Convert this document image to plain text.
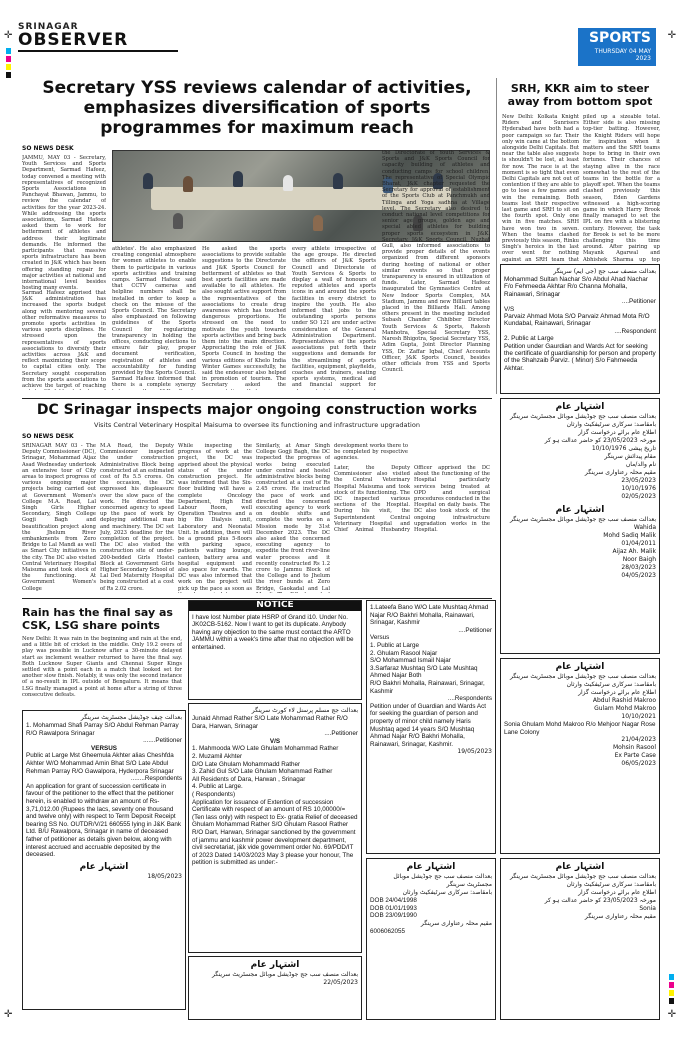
✛	✛
✛	✛
SRINAGAR
OBSERVER	SPORTS
THURSDAY 04 MAY 2023
Secretary YSS reviews calendar of activities, emphasizes diversification of sports programmes for maximum reach
SO NEWS DESK
JAMMU, MAY 03 - Secretary, Youth Services and Sports Department, Sarmad Hafeez, today convened a meeting with representatives of recognized Sports Associations in Panchayat Bhawan, Jammu, to review the calendar of activities for the year 2023-24. While addressing the sports associations, Sarmad Hafeez asked them to work for betterment of athletes and address their legitimate demands. He informed the participants that massive sports infrastructure has been created in J&K which has been offering standing repair for major activities at national and international level besides hosting many events.
Sarmad Hafeez apprised that J&K administration has increased the sports budget along with mentoring several other reformative measures to promote sports activities in various sports disciplines. He stressed upon the representatives of sports associations to diversify their activities across J&K and reflect maximizing their scope to capital cities only. The Secretary sought cooperation from the sports associations to achieve the target of reaching
athletes'. He also emphasized creating congenial atmosphere for women athletes to enable them to participate in various sports activities and training camps. Sarmad Hafeez said that CCTV cameras and helpline numbers shall be installed in order to keep a check on the misuse of the Sports Council. The Secretary also emphasized on following guidelines of the Sports Council for regularizing transparency in holding the offices, conducting elections to ensure fair play, proper document verification, registration of athletes and accountability for funding provided by the Sports Council. Sarmad Hafeez informed that there is a complete synergy
He asked the sports associations to provide suitable suggestions to the Directorate and J&K Sports Council for betterment of athletes so that best sports facilities are made available to all athletes. He also sought active support from the representatives of the associations to create drug awareness which has touched dangerous proportions. He stressed on the need to motivate the youth towards sports activities and bring back them into the main direction. Appreciating the role of J&K Sports Council in hosting the various editions of Khelo India Winter Games successfully, he said the endeavour also helped in promotion of tourism. The Secretary asked the
every athlete irrespective of the age groups. He directed the officers of J&K Sports Council and Directorate of Youth Services & Sports to display a wall of honours of reputed athletes and sports icons in and around the sports facilities in every district to inspire the youth. He also informed that jobs to the outstanding sports persons under SO 121 are under active consideration of the General Administration Department. Representatives of the sports associations put forth their suggestions and demands for the streamlining of sports facilities, equipment, playfields, coaches and trainers, seating sports systems, medical aid and financial support for
the Directorate of Youth Services & Sports and J&K Sports Council for capacity building of athletes and conducting camps for school children. The representative of Special Olympic Bharat, J&K chapter requested the Secretary for approval of establishment of the Sports Club at Panchmukh and Tillinga and Yoga sadhna at Village level. The Secretary also desired to conduct national level competitions for senior age groups, golden age and special abled athletes for building proper sports ecosystem in J&K. Secretary, J&K Sports Council, Nuzhat Gull, also informed associations to provide proper details of the events organized from different sponsors during hosting of national or other similar events so that proper transparency is ensured in utilization of funds. Later, Sarmad Hafeez inaugurated the Gymnastics Centre at New Indoor Sports Complex, MA Stadium, Jammu and new Billiard tables placed in the Billiards Hall. Among others present in the meeting included Subash Chander Chhibber Director Youth Services & Sports, Rakesh Manhotra, Special Secretary YSS, Naresh Bhigotra, Special Secretary YSS, Adim Gupta, Joint Director Planning YSS, Dr. Zaffar Iqbal, Chief Accounts Officer, J&K Sports Council, besides other officials from YSS and Sports Council.
SRH, KKR aim to steer away from bottom spot
New Delhi: Kolkata Knight Riders and Sunrisers Hyderabad have both had a poor campaign so far. Their only win came at the bottom alongside Delhi Capitals. But near the table also suggests is shouldn't be lost, at least for now. The race is at the moment is so tight that even Delhi Capitals are not out of contention if they are able to go to lose a few games and win the remaining. Both teams lost their respective last game and SRH to sit on the fourth spot. Only one win in five matches. SRH have won two in seven. When the teams clashed previously this season, Rinku Singh's heroics in the last over went for nothing against an SRH team that piled up a sizeable total. Either side is also missing top-tier batting. However, the Knight Riders will hope for inspiration when it matters and the SRH teams hope to bring in their own fortunes. Their chances of staying alive in the race somewhat to the rest of the teams in the bottle for a playoff spot. When the teams clashed previously this season, Eden Gardens witnessed a high-scoring game in which Harry Brook finally managed to set the IPL on fire with a blistering century. However, the task for Brook is set to be more challenging this time around. After pairing up Mayank Agarwal and Abhishek Sharma up top
بعدالت منصف سب جج (جی ایم) سرینگر
Mohammad Sultan Nachar S/o Abdul Ahad Nachar F/o Fehmeeda Akhtar R/o Channa Mohalla, Rainawari, Srinagar
....Petitioner
V/S
Parvaiz Ahmad Mota S/O Parvaiz Ahmad Mota R/O Kundabal, Rainawari, Srinagar
....Respondent
2. Public at Large
Petition under Gaurdian and Wards Act for seeking the certificate of guardianship for person and property of the Shahzaib Parviz. ( Minor) S/o Fahmeeda Akhtar.
DC Srinagar inspects major ongoing construction works
Visits Central Veterinary Hospital Maisuma to oversee its functioning and infrastructure upgradation
SO NEWS DESK
SRINAGAR MAY 03 - The Deputy Commissioner (DC), Srinagar, Mohammad Aijaz Asad Wednesday undertook an extensive tour of City areas to inspect progress of various ongoing major projects being carried out at Government Women's College M.A. Road, Lal Singh Girls Higher Secondary, Singh College Gogji Bagh and beautification project along the Jhelum River embankments from Zero Bridge to Lal Mandi as well as Smart City initiatives in the city. The DC also visited Central Veterinary Hospital Maisuma and took stock of the functioning. At Government Women's College
M.A Road, the Deputy Commissioner inspected the under construction Administrative Block being constructed at an estimated cost of Rs 5.5 crores. On the occasion, the DC expressed his displeasure over the slow pace of the work. He directed the concerned agency to speed up the pace of work by deploying additional man and machinery. The DC set July, 2023 deadline for the completion of the project. The DC also visited the construction site of under-200-bedded Girls Hostel Block at Government Girls Higher Secondary School of Lal Ded Maternity Hospital being constructed at a cost of Rs 2.02 crore.
While inspecting the progress of work at the project, the DC was apprised about the physical status of the under construction project. He was informed that the Six-floor building will have a complete Oncology Department, High End Labour Room, well Operation Theatres and a big Bio Dialysis unit, Laboratory and Neonatal Unit. In addition, there will be a ground plus 5-floors with parking space, patients waiting lounge, canteen, battery area and hospital equipment and also space for wards. The DC was also informed that work on the project will pick up the pace as soon as
Similarly, at Amar Singh College Gogji Bagh, the DC inspected the progress of works being executed under central and hostel administrative blocks being constructed at a cost of Rs 2.45 crore. He instructed the pace of work and directed the concerned executing agency to work on double shifts and complete the works on a Mission mode by 31st December 2023. The DC also asked the concerned executing agency to expedite the front river-line water process and it recently constructed Rs 1.2 crore to Jammu Block of the College and to Jhelum the river bunds at Zero Bridge, Gaokadal and Lal
development works there to be completed by respective agencies.
Later, the Deputy Commissioner also visited the Central Veterinary Hospital Maisuma and took stock of its functioning. The DC inspected various sections of the Hospital. During his visit, the Superintendent Central Veterinary Hospital and Chief Animal Husbandry Officer apprised the DC about the functioning of the Hospital particularly services being treated at OPD and surgical procedures conducted in the Hospital on daily basis. The DC also took stock of the ongoing infrastructure upgradation works in the Hospital.
اشتہار عام
بعدالت منصف سب جج جوڈیشل موبائل مجسٹریٹ سرینگر
بامقاصد: سرکاری سرٹیفکیٹ وارثان
اطلاع عام برائے درخواست گزار
مورخہ 23/05/2023 کو حاضر عدالت ہو کر
تاریخ پیشی 10/10/1976
مقام پیدائش سرینگر
نام والد/ماں
مقیم محلہ رعناواری سرینگر
23/05/2023
10/10/1976
02/05/2023
اشتہار عام
بعدالت منصف سب جج جوڈیشل موبائل مجسٹریٹ سرینگر
Wahida
Mohd Sadiq Malik
01/04/2011
Aijaz Ah. Malik
Noor Baigh
28/03/2023
04/05/2023
اشتہار عام
بعدالت منصف سب جج جوڈیشل موبائل مجسٹریٹ سرینگر
بامقاصد: سرکاری سرٹیفکیٹ وارثان
اطلاع عام برائے درخواست گزار
Abdul Rashid Makroo
Gulam Mohd Makroo
10/10/2021
Sonia Ghulam Mohd Makroo R/o Mehjoor Nagar Rose Lane Colony
21/04/2023
Mohsin Rasool
Ex Parte Case
06/05/2023
Rain has the final say as CSK, LSG share points
New Delhi: It was rain in the beginning and rain at the end, and a little bit of cricket in the middle. Only 19.2 overs of play was possible in Lucknow after a 30-minute delayed start as inclement weather returned to have the final say. Both Lucknow Super Giants and Chennai Super Kings settled with a point each in a match that looked set for another slow finish. Notably, it was only the second instance of a no-result in IPL outside of Bengaluru. It means that LSG finally managed a point at home after a string of three consecutive defeats.
بعدالت چیف جوڈیشل مجسٹریٹ سرینگر
1. Mohammad Shafi Parray S/O Abdul Rehman Parray R/O Rawalpora Srinagar
.......Petitioner
VERSUS
Public at Large Mst Gheemula Akhter alias Cheshfda Akhter W/O Mohammad Amin Bhat S/O Late Abdul Rehman Parray R/O Gawalpora, Hyderpora Srinagar
........Respondents
An application for grant of succession certificate in favour of the petitioner to the effect that the petitioner herein, is enabled to withdraw an amount of Rs-3,71,012.00 (Rupees the lacs, seventy one thousand and twelve only) with respect to Term Deposit Receipt bearing SS No. OUTDR/V/21 660555 lying in J&K Bank Ltd. B/U Rawalpora, Srinagar in name of deceased father of petitioner as details given below, along with interest accrued and accruable deposited by the deceased.
اشتہار عام
18/05/2023
NOTICE
I have lost Number plate HSRP of Grand i10. Under No. JK02CB-5162. Now I want to get its duplicate. Anybody having any objection to the same must contact the ARTO JAMMU within a week's time after that no objection will be entertained.
بعدالت جج مسلم پرسنل لاء کورٹ سرینگر
Junaid Ahmad Rather S/O Late Mohammad Rather R/O Dara, Harwan, Srinagar
....Petitioner
V/S
1. Mahmooda W/O Late Ghulam Mohammad Rather
2. Muzamil Akhter
D/O Late Ghulam Mohammadd Rather
3. Zahid Gul S/O Late Ghulam Mohammad Rather
All Residents of Dara, Harwan , Srinagar
4. Public at Large.
( Respondents)
Application for issuance of Extention of succession Certificate with respect of an amount of RS 10,00000/= (Ten lass only) with respect to Ex- gratia Relief of deceased Ghulam Mohammad Rather S/O Ghulam Rasool Rather R/O Dart, Harwan, Srinagar sanctioned by the government of jammu and kashmir power development department, civil secretariat, j&k vide government order No. 69/PDD/IT of 2023 Dated 14/03/2023 May 3 please your honour, The petition is submitted as under:-
اشتہار عام
بعدالت منصف سب جج جوڈیشل موبائل مجسٹریٹ سرینگر
22/05/2023
1.Lateefa Bano W/O Late Mushtaq Ahmad Najar R/O Bakhri Mohalla, Rainawari, Srinagar, Kashmir
....Petitioner
Versus
1. Public at Large
2. Ghulam Rasool Najar
S/O Mohammad Ismail Najar
3.Sarfaraz Mushtaq S/O Late Mushtaq Ahmed Najar Both
R/O Bakhri Mohalla, Rainawari, Srinagar, Kashmir
....Respondents
Petition under of Guardian and Wards Act for seeking the guardian of person and property of minor child namely Haris Mushtaq aged 14 years S/O Mushtaq Ahmad Najar R/O Bakhri Mohalla, Rainawari, Srinagar, Kashmir.
19/05/2023
اشتہار عام
بعدالت منصف سب جج جوڈیشل موبائل مجسٹریٹ سرینگر
بامقاصد: سرکاری سرٹیفکیٹ وارثان
DOB 24/04/1998
DOB 01/01/1993
DOB 23/09/1990
مقیم محلہ رعناواری سرینگر
6006062055
اشتہار عام
بعدالت منصف سب جج جوڈیشل موبائل مجسٹریٹ سرینگر
بامقاصد: سرکاری سرٹیفکیٹ وارثان
اطلاع عام برائے درخواست گزار
مورخہ 23/05/2023 کو حاضر عدالت ہو کر
Sonia
مقیم محلہ رعناواری سرینگر
